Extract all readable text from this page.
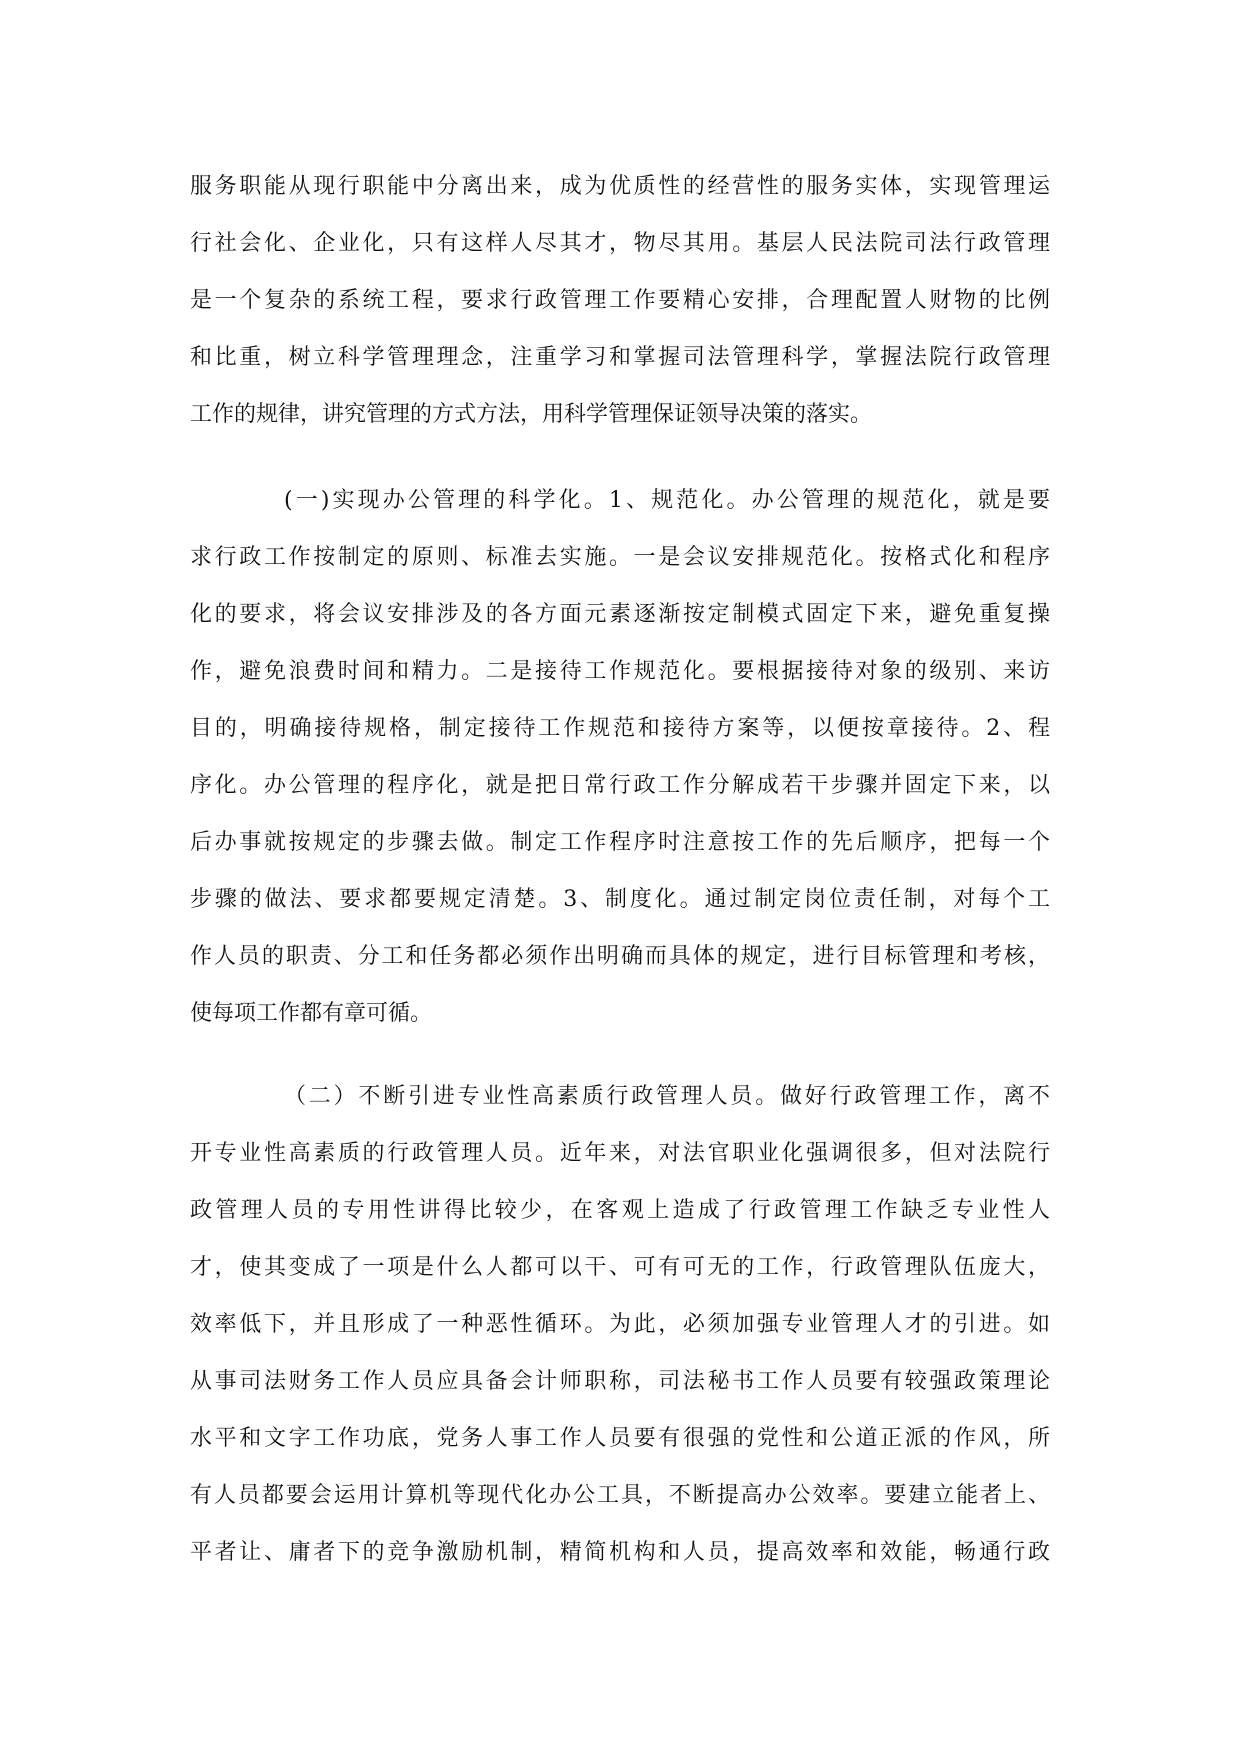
服务职能从现行职能中分离出来，成为优质性的经营性的服务实体，实现管理运
行社会化、企业化，只有这样人尽其才，物尽其用。基层人民法院司法行政管理
是一个复杂的系统工程，要求行政管理工作要精心安排，合理配置人财物的比例
和比重，树立科学管理理念，注重学习和掌握司法管理科学，掌握法院行政管理
工作的规律，讲究管理的方式方法，用科学管理保证领导决策的落实。
(一)实现办公管理的科学化。1、规范化。办公管理的规范化，就是要
求行政工作按制定的原则、标准去实施。一是会议安排规范化。按格式化和程序
化的要求，将会议安排涉及的各方面元素逐渐按定制模式固定下来，避免重复操
作，避免浪费时间和精力。二是接待工作规范化。要根据接待对象的级别、来访
目的，明确接待规格，制定接待工作规范和接待方案等，以便按章接待。2、程
序化。办公管理的程序化，就是把日常行政工作分解成若干步骤并固定下来，以
后办事就按规定的步骤去做。制定工作程序时注意按工作的先后顺序，把每一个
步骤的做法、要求都要规定清楚。3、制度化。通过制定岗位责任制，对每个工
作人员的职责、分工和任务都必须作出明确而具体的规定，进行目标管理和考核，
使每项工作都有章可循。
（二）不断引进专业性高素质行政管理人员。做好行政管理工作，离不
开专业性高素质的行政管理人员。近年来，对法官职业化强调很多，但对法院行
政管理人员的专用性讲得比较少，在客观上造成了行政管理工作缺乏专业性人
才，使其变成了一项是什么人都可以干、可有可无的工作，行政管理队伍庞大，
效率低下，并且形成了一种恶性循环。为此，必须加强专业管理人才的引进。如
从事司法财务工作人员应具备会计师职称，司法秘书工作人员要有较强政策理论
水平和文字工作功底，党务人事工作人员要有很强的党性和公道正派的作风，所
有人员都要会运用计算机等现代化办公工具，不断提高办公效率。要建立能者上、
平者让、庸者下的竞争激励机制，精简机构和人员，提高效率和效能，畅通行政
